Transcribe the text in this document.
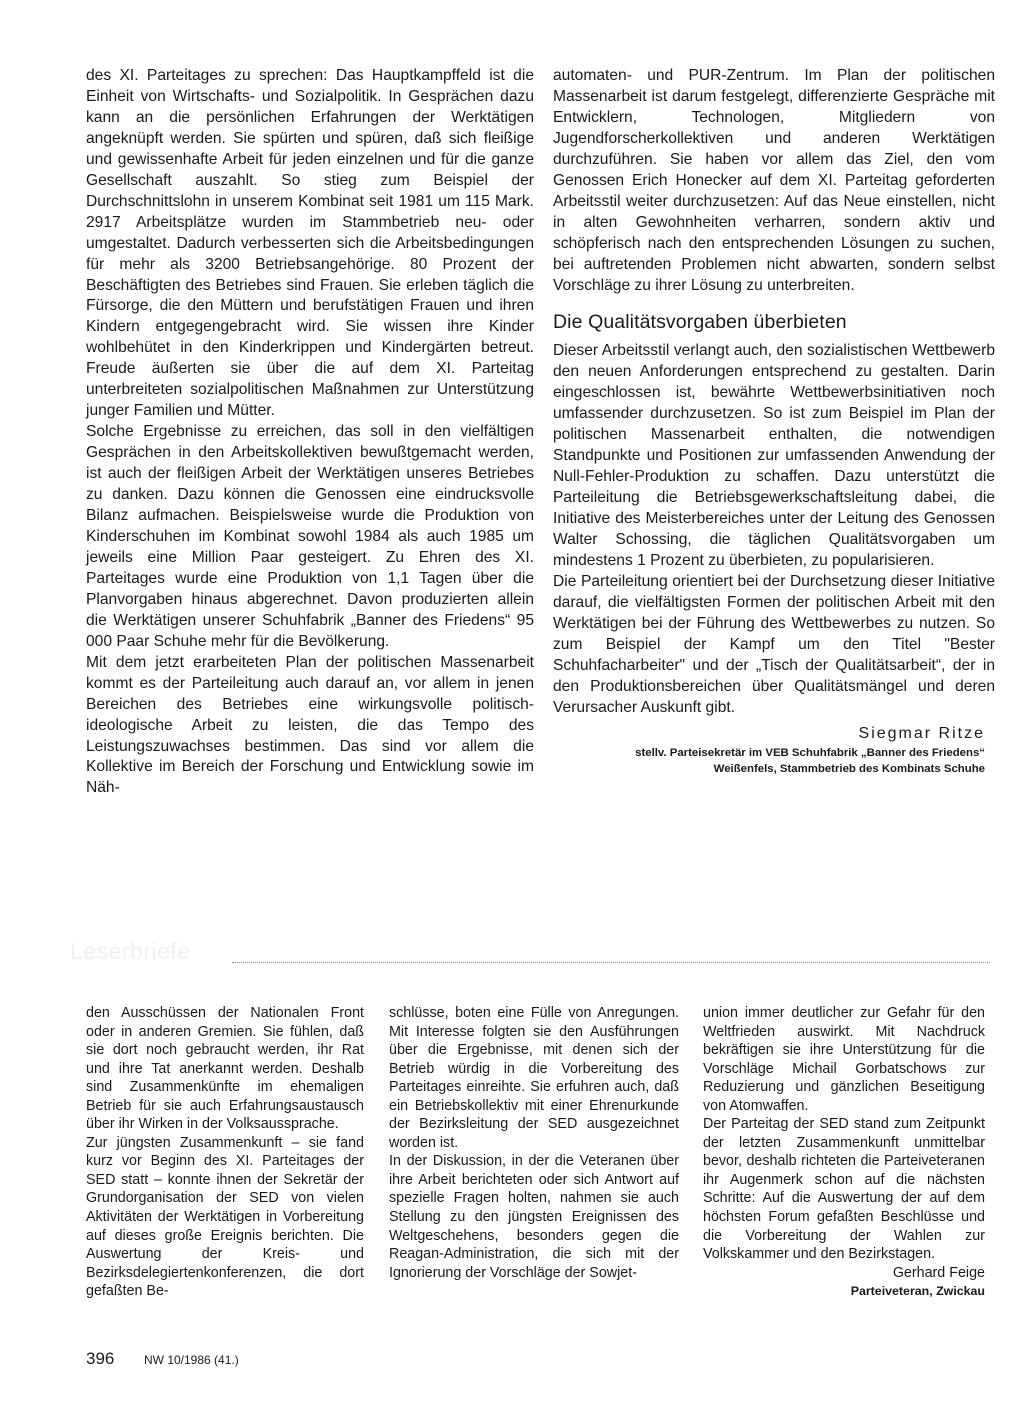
des XI. Parteitages zu sprechen: Das Hauptkampffeld ist die Einheit von Wirtschafts- und Sozialpolitik. In Gesprächen dazu kann an die persönlichen Erfahrungen der Werktätigen angeknüpft werden. Sie spürten und spüren, daß sich fleißige und gewissenhafte Arbeit für jeden einzelnen und für die ganze Gesellschaft auszahlt. So stieg zum Beispiel der Durchschnittslohn in unserem Kombinat seit 1981 um 115 Mark. 2917 Arbeitsplätze wurden im Stammbetrieb neu- oder umgestaltet. Dadurch verbesserten sich die Arbeitsbedingungen für mehr als 3200 Betriebsangehörige. 80 Prozent der Beschäftigten des Betriebes sind Frauen. Sie erleben täglich die Fürsorge, die den Müttern und berufstätigen Frauen und ihren Kindern entgegengebracht wird. Sie wissen ihre Kinder wohlbehütet in den Kinderkrippen und Kindergärten betreut. Freude äußerten sie über die auf dem XI. Parteitag unterbreiteten sozialpolitischen Maßnahmen zur Unterstützung junger Familien und Mütter.

Solche Ergebnisse zu erreichen, das soll in den vielfältigen Gesprächen in den Arbeitskollektiven bewußtgemacht werden, ist auch der fleißigen Arbeit der Werktätigen unseres Betriebes zu danken. Dazu können die Genossen eine eindrucksvolle Bilanz aufmachen. Beispielsweise wurde die Produktion von Kinderschuhen im Kombinat sowohl 1984 als auch 1985 um jeweils eine Million Paar gesteigert. Zu Ehren des XI. Parteitages wurde eine Produktion von 1,1 Tagen über die Planvorgaben hinaus abgerechnet. Davon produzierten allein die Werktätigen unserer Schuhfabrik „Banner des Friedens“ 95 000 Paar Schuhe mehr für die Bevölkerung.

Mit dem jetzt erarbeiteten Plan der politischen Massenarbeit kommt es der Parteileitung auch darauf an, vor allem in jenen Bereichen des Betriebes eine wirkungsvolle politisch-ideologische Arbeit zu leisten, die das Tempo des Leistungszuwachses bestimmen. Das sind vor allem die Kollektive im Bereich der Forschung und Entwicklung sowie im Näh-

automaten- und PUR-Zentrum. Im Plan der politischen Massenarbeit ist darum festgelegt, differenzierte Gespräche mit Entwicklern, Technologen, Mitgliedern von Jugendforscherkollektiven und anderen Werktätigen durchzuführen. Sie haben vor allem das Ziel, den vom Genossen Erich Honecker auf dem XI. Parteitag geforderten Arbeitsstil weiter durchzusetzen: Auf das Neue einstellen, nicht in alten Gewohnheiten verharren, sondern aktiv und schöpferisch nach den entsprechenden Lösungen zu suchen, bei auftretenden Problemen nicht abwarten, sondern selbst Vorschläge zu ihrer Lösung zu unterbreiten.

Die Qualitätsvorgaben überbieten

Dieser Arbeitsstil verlangt auch, den sozialistischen Wettbewerb den neuen Anforderungen entsprechend zu gestalten. Darin eingeschlossen ist, bewährte Wettbewerbsinitiativen noch umfassender durchzusetzen. So ist zum Beispiel im Plan der politischen Massenarbeit enthalten, die notwendigen Standpunkte und Positionen zur umfassenden Anwendung der Null-Fehler-Produktion zu schaffen. Dazu unterstützt die Parteileitung die Betriebsgewerkschaftsleitung dabei, die Initiative des Meisterbereiches unter der Leitung des Genossen Walter Schossing, die täglichen Qualitätsvorgaben um mindestens 1 Prozent zu überbieten, zu popularisieren.

Die Parteileitung orientiert bei der Durchsetzung dieser Initiative darauf, die vielfältigsten Formen der politischen Arbeit mit den Werktätigen bei der Führung des Wettbewerbes zu nutzen. So zum Beispiel der Kampf um den Titel "Bester Schuhfacharbeiter" und der „Tisch der Qualitätsarbeit“, der in den Produktionsbereichen über Qualitätsmängel und deren Verursacher Auskunft gibt.

Siegmar Ritze
stellv. Parteisekretär im VEB Schuhfabrik „Banner des Friedens“
Weißenfels, Stammbetrieb des Kombinats Schuhe
Leserbriefe

den Ausschüssen der Nationalen Front oder in anderen Gremien. Sie fühlen, daß sie dort noch gebraucht werden, ihr Rat und ihre Tat anerkannt werden. Deshalb sind Zusammenkünfte im ehemaligen Betrieb für sie auch Erfahrungsaustausch über ihr Wirken in der Volksaussprache.

Zur jüngsten Zusammenkunft – sie fand kurz vor Beginn des XI. Parteitages der SED statt – konnte ihnen der Sekretär der Grundorganisation der SED von vielen Aktivitäten der Werktätigen in Vorbereitung auf dieses große Ereignis berichten. Die Auswertung der Kreis- und Bezirksdelegiertenkonferenzen, die dort gefaßten Be-

schlüsse, boten eine Fülle von Anregungen. Mit Interesse folgten sie den Ausführungen über die Ergebnisse, mit denen sich der Betrieb würdig in die Vorbereitung des Parteitages einreihte. Sie erfuhren auch, daß ein Betriebskollektiv mit einer Ehrenurkunde der Bezirksleitung der SED ausgezeichnet worden ist.

In der Diskussion, in der die Veteranen über ihre Arbeit berichteten oder sich Antwort auf spezielle Fragen holten, nahmen sie auch Stellung zu den jüngsten Ereignissen des Weltgeschehens, besonders gegen die Reagan-Administration, die sich mit der Ignorierung der Vorschläge der Sowjet-

union immer deutlicher zur Gefahr für den Weltfrieden auswirkt. Mit Nachdruck bekräftigen sie ihre Unterstützung für die Vorschläge Michail Gorbatschows zur Reduzierung und gänzlichen Beseitigung von Atomwaffen.

Der Parteitag der SED stand zum Zeitpunkt der letzten Zusammenkunft unmittelbar bevor, deshalb richteten die Parteiveteranen ihr Augenmerk schon auf die nächsten Schritte: Auf die Auswertung der auf dem höchsten Forum gefaßten Beschlüsse und die Vorbereitung der Wahlen zur Volkskammer und den Bezirkstagen.

Gerhard Feige
Parteiveteran, Zwickau
396 NW 10/1986 (41.)
